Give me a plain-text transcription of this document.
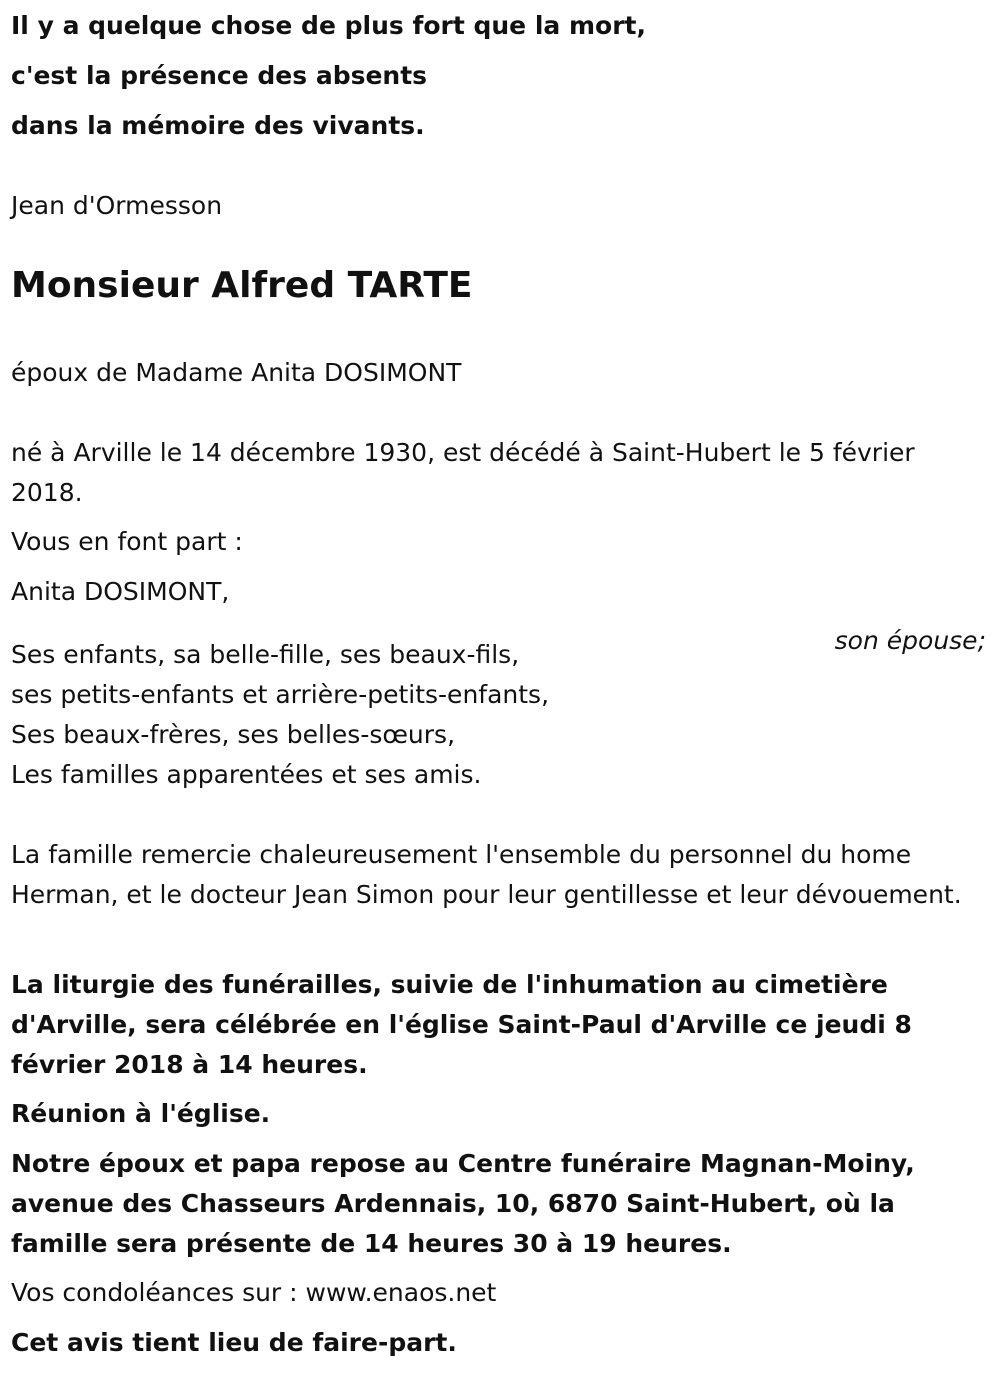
Il y a quelque chose de plus fort que la mort,

c'est la présence des absents

dans la mémoire des vivants.

Jean d'Ormesson

Monsieur Alfred TARTE

époux de Madame Anita DOSIMONT

né à Arville le 14 décembre 1930, est décédé à Saint-Hubert le 5 février 2018.

Vous en font part :

Anita DOSIMONT,

son épouse;

Ses enfants, sa belle-fille, ses beaux-fils,

ses petits-enfants et arrière-petits-enfants,

Ses beaux-frères, ses belles-sœurs,

Les familles apparentées et ses amis.

La famille remercie chaleureusement l'ensemble du personnel du home Herman, et le docteur Jean Simon pour leur gentillesse et leur dévouement.

La liturgie des funérailles, suivie de l'inhumation au cimetière d'Arville, sera célébrée en l'église Saint-Paul d'Arville ce jeudi 8 février 2018 à 14 heures.

Réunion à l'église.

Notre époux et papa repose au Centre funéraire Magnan-Moiny, avenue des Chasseurs Ardennais, 10, 6870 Saint-Hubert, où la famille sera présente de 14 heures 30 à 19 heures.

Vos condoléances sur : www.enaos.net

Cet avis tient lieu de faire-part.
